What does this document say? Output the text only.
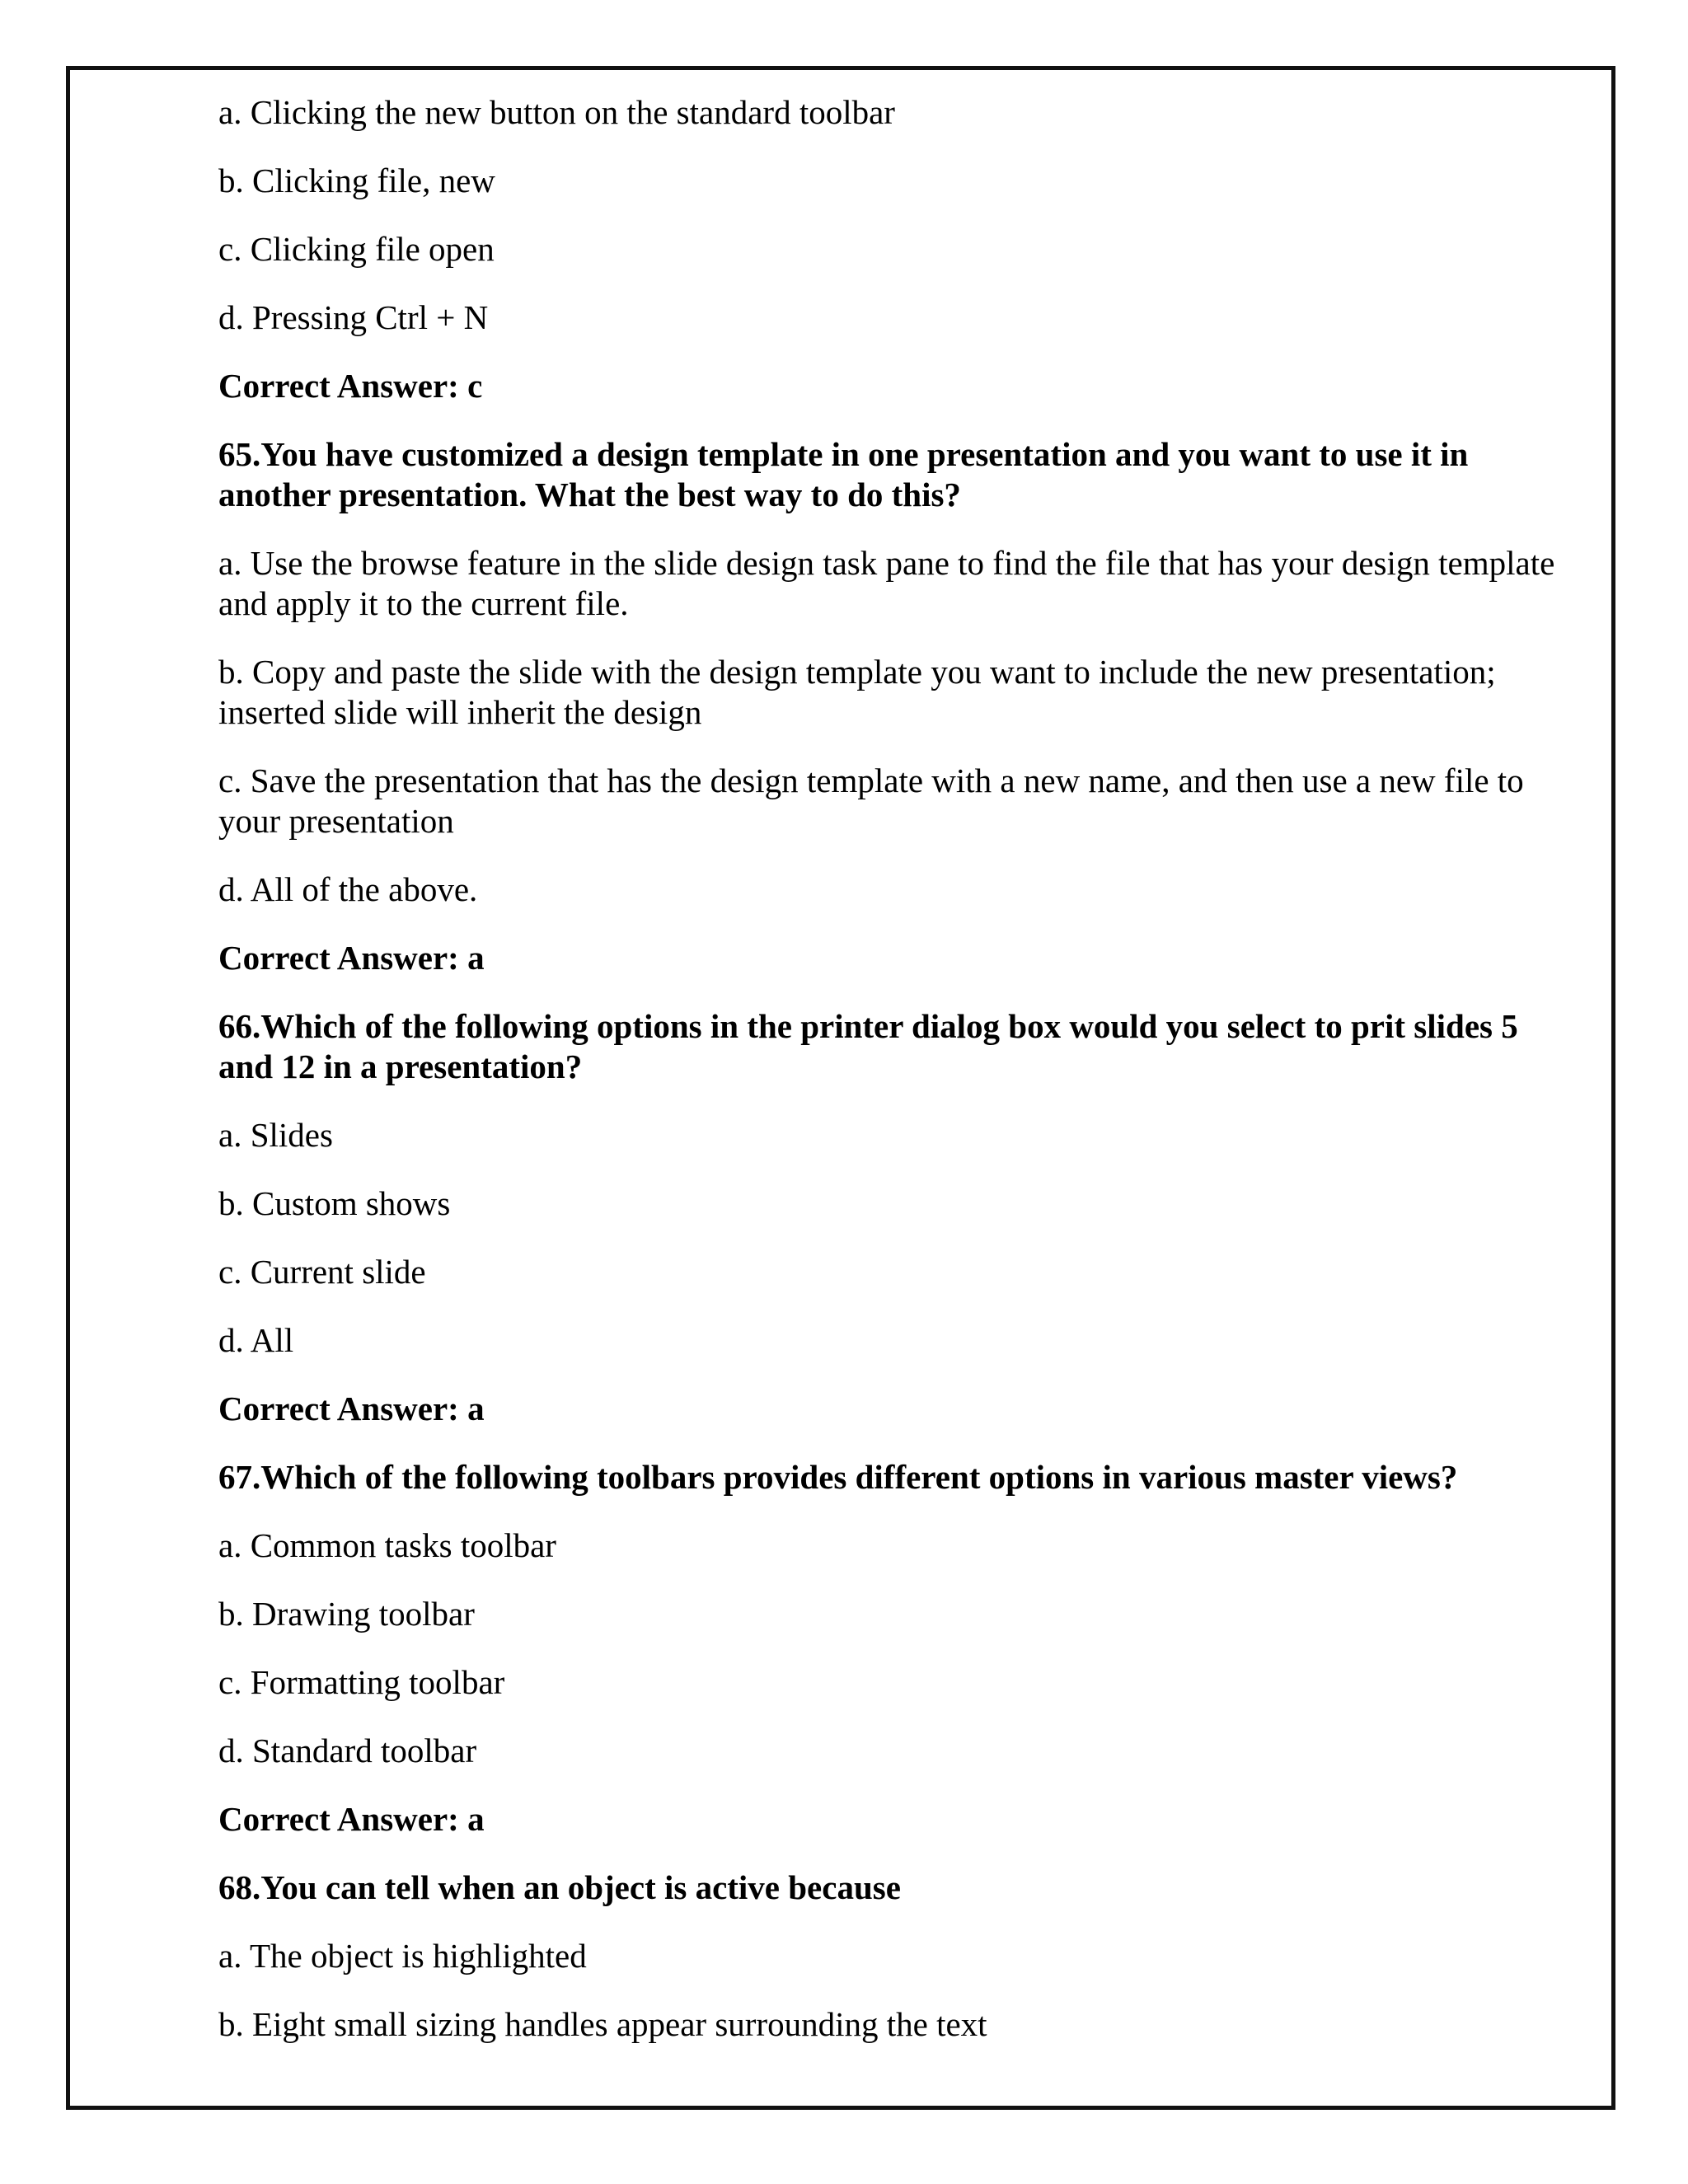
a. Clicking the new button on the standard toolbar
b. Clicking file, new
c. Clicking file open
d. Pressing Ctrl + N
Correct Answer: c
65.You have customized a design template in one presentation and you want to use it in another presentation. What the best way to do this?
a. Use the browse feature in the slide design task pane to find the file that has your design template and apply it to the current file.
b. Copy and paste the slide with the design template you want to include the new presentation; inserted slide will inherit the design
c. Save the presentation that has the design template with a new name, and then use a new file to your presentation
d. All of the above.
Correct Answer: a
66.Which of the following options in the printer dialog box would you select to prit slides 5 and 12 in a presentation?
a. Slides
b. Custom shows
c. Current slide
d. All
Correct Answer: a
67.Which of the following toolbars provides different options in various master views?
a. Common tasks toolbar
b. Drawing toolbar
c. Formatting toolbar
d. Standard toolbar
Correct Answer: a
68.You can tell when an object is active because
a. The object is highlighted
b. Eight small sizing handles appear surrounding the text
